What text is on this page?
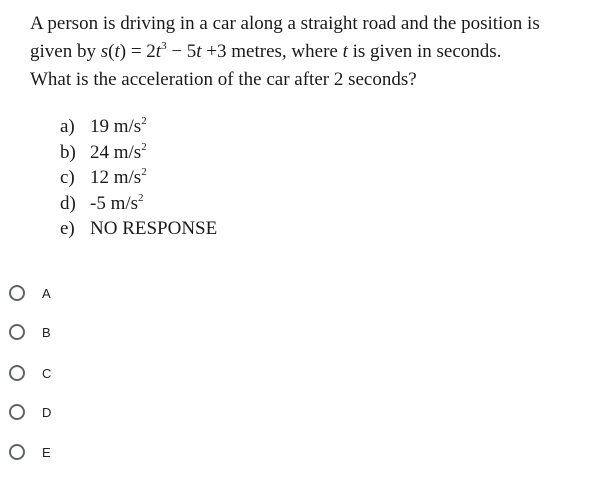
A person is driving in a car along a straight road and the position is
given by $s(t) = 2t^3 - 5t +3$ metres, where t is given in seconds.
What is the acceleration of the car after 2 seconds?
a) 19 $m/s^2$
b) 24 $m/s^2$
c) 12 $m/s^2$
d) -5 $m/s^2$
e) NO RESPONSE
A
B
C
D
E
